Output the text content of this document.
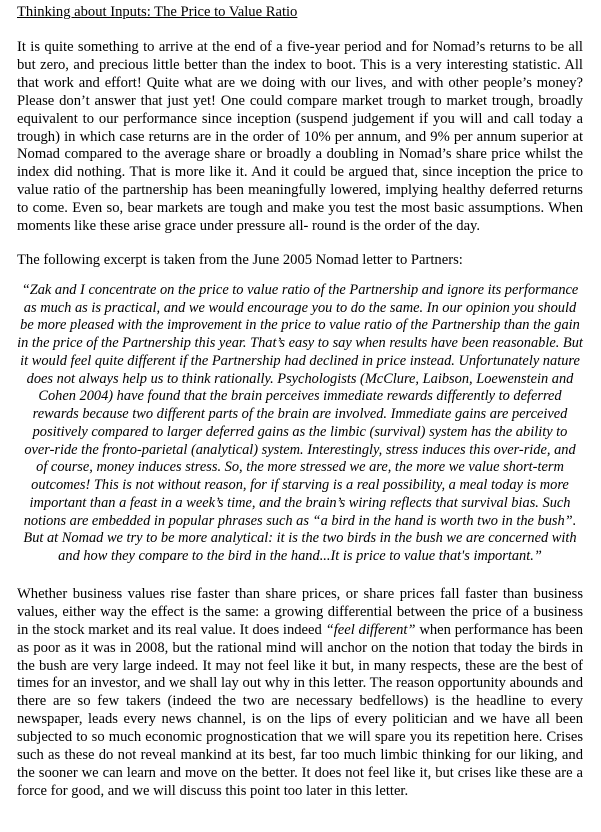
Thinking about Inputs: The Price to Value Ratio

It is quite something to arrive at the end of a five-year period and for Nomad’s returns to be all but zero, and precious little better than the index to boot. This is a very interesting statistic. All that work and effort! Quite what are we doing with our lives, and with other people’s money? Please don’t answer that just yet! One could compare market trough to market trough, broadly equivalent to our performance since inception (suspend judgement if you will and call today a trough) in which case returns are in the order of 10% per annum, and 9% per annum superior at Nomad compared to the average share or broadly a doubling in Nomad’s share price whilst the index did nothing. That is more like it. And it could be argued that, since inception the price to value ratio of the partnership has been meaningfully lowered, implying healthy deferred returns to come. Even so, bear markets are tough and make you test the most basic assumptions. When moments like these arise grace under pressure all- round is the order of the day.

The following excerpt is taken from the June 2005 Nomad letter to Partners:

“Zak and I concentrate on the price to value ratio of the Partnership and ignore its performance as much as is practical, and we would encourage you to do the same. In our opinion you should be more pleased with the improvement in the price to value ratio of the Partnership than the gain in the price of the Partnership this year. That’s easy to say when results have been reasonable. But it would feel quite different if the Partnership had declined in price instead. Unfortunately nature does not always help us to think rationally. Psychologists (McClure, Laibson, Loewenstein and Cohen 2004) have found that the brain perceives immediate rewards differently to deferred rewards because two different parts of the brain are involved. Immediate gains are perceived positively compared to larger deferred gains as the limbic (survival) system has the ability to over-ride the fronto-parietal (analytical) system. Interestingly, stress induces this over-ride, and of course, money induces stress. So, the more stressed we are, the more we value short-term outcomes! This is not without reason, for if starving is a real possibility, a meal today is more important than a feast in a week’s time, and the brain’s wiring reflects that survival bias. Such notions are embedded in popular phrases such as “a bird in the hand is worth two in the bush”. But at Nomad we try to be more analytical: it is the two birds in the bush we are concerned with and how they compare to the bird in the hand...It is price to value that's important.”

Whether business values rise faster than share prices, or share prices fall faster than business values, either way the effect is the same: a growing differential between the price of a business in the stock market and its real value. It does indeed “feel different” when performance has been as poor as it was in 2008, but the rational mind will anchor on the notion that today the birds in the bush are very large indeed. It may not feel like it but, in many respects, these are the best of times for an investor, and we shall lay out why in this letter. The reason opportunity abounds and there are so few takers (indeed the two are necessary bedfellows) is the headline to every newspaper, leads every news channel, is on the lips of every politician and we have all been subjected to so much economic prognostication that we will spare you its repetition here. Crises such as these do not reveal mankind at its best, far too much limbic thinking for our liking, and the sooner we can learn and move on the better. It does not feel like it, but crises like these are a force for good, and we will discuss this point too later in this letter.
